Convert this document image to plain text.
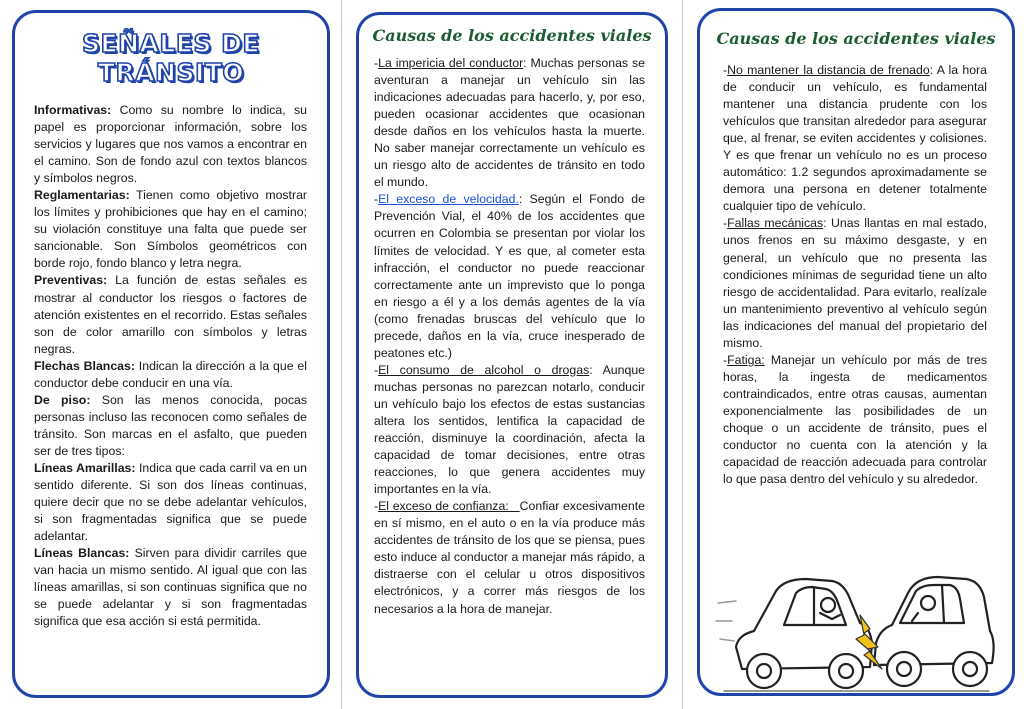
SEÑALES DE TRÁNSITO

Informativas: Como su nombre lo indica, su papel es proporcionar información, sobre los servicios y lugares que nos vamos a encontrar en el camino. Son de fondo azul con textos blancos y símbolos negros.

Reglamentarias: Tienen como objetivo mostrar los límites y prohibiciones que hay en el camino; su violación constituye una falta que puede ser sancionable. Son Símbolos geométricos con borde rojo, fondo blanco y letra negra.

Preventivas: La función de estas señales es mostrar al conductor los riesgos o factores de atención existentes en el recorrido. Estas señales son de color amarillo con símbolos y letras negras.

Flechas Blancas: Indican la dirección a la que el conductor debe conducir en una vía.

De piso: Son las menos conocida, pocas personas incluso las reconocen como señales de tránsito. Son marcas en el asfalto, que pueden ser de tres tipos:

Líneas Amarillas: Indica que cada carril va en un sentido diferente. Si son dos líneas continuas, quiere decir que no se debe adelantar vehículos, si son fragmentadas significa que se puede adelantar.

Líneas Blancas: Sirven para dividir carriles que van hacia un mismo sentido. Al igual que con las líneas amarillas, si son continuas significa que no se puede adelantar y si son fragmentadas significa que esa acción si está permitida.

Causas de los accidentes viales

-La impericia del conductor: Muchas personas se aventuran a manejar un vehículo sin las indicaciones adecuadas para hacerlo, y, por eso, pueden ocasionar accidentes que ocasionan desde daños en los vehículos hasta la muerte. No saber manejar correctamente un vehículo es un riesgo alto de accidentes de tránsito en todo el mundo.

-El exceso de velocidad.: Según el Fondo de Prevención Vial, el 40% de los accidentes que ocurren en Colombia se presentan por violar los límites de velocidad. Y es que, al cometer esta infracción, el conductor no puede reaccionar correctamente ante un imprevisto que lo ponga en riesgo a él y a los demás agentes de la vía (como frenadas bruscas del vehículo que lo precede, daños en la vía, cruce inesperado de peatones etc.)

-El consumo de alcohol o drogas: Aunque muchas personas no parezcan notarlo, conducir un vehículo bajo los efectos de estas sustancias altera los sentidos, lentifica la capacidad de reacción, disminuye la coordinación, afecta la capacidad de tomar decisiones, entre otras reacciones, lo que genera accidentes muy importantes en la vía.

-El exceso de confianza:   Confiar excesivamente en sí mismo, en el auto o en la vía produce más accidentes de tránsito de los que se piensa, pues esto induce al conductor a manejar más rápido, a distraerse con el celular u otros dispositivos electrónicos, y a correr más riesgos de los necesarios a la hora de manejar.

Causas de los accidentes viales

-No mantener la distancia de frenado: A la hora de conducir un vehículo, es fundamental mantener una distancia prudente con los vehículos que transitan alrededor para asegurar que, al frenar, se eviten accidentes y colisiones. Y es que frenar un vehículo no es un proceso automático: 1.2 segundos aproximadamente se demora una persona en detener totalmente cualquier tipo de vehículo.

-Fallas mecánicas: Unas llantas en mal estado, unos frenos en su máximo desgaste, y en general, un vehículo que no presenta las condiciones mínimas de seguridad tiene un alto riesgo de accidentalidad. Para evitarlo, realízale un mantenimiento preventivo al vehículo según las indicaciones del manual del propietario del mismo.

-Fatiga: Manejar un vehículo por más de tres horas, la ingesta de medicamentos contraindicados, entre otras causas, aumentan exponencialmente las posibilidades de un choque o un accidente de tránsito, pues el conductor no cuenta con la atención y la capacidad de reacción adecuada para controlar lo que pasa dentro del vehículo y su alrededor.
